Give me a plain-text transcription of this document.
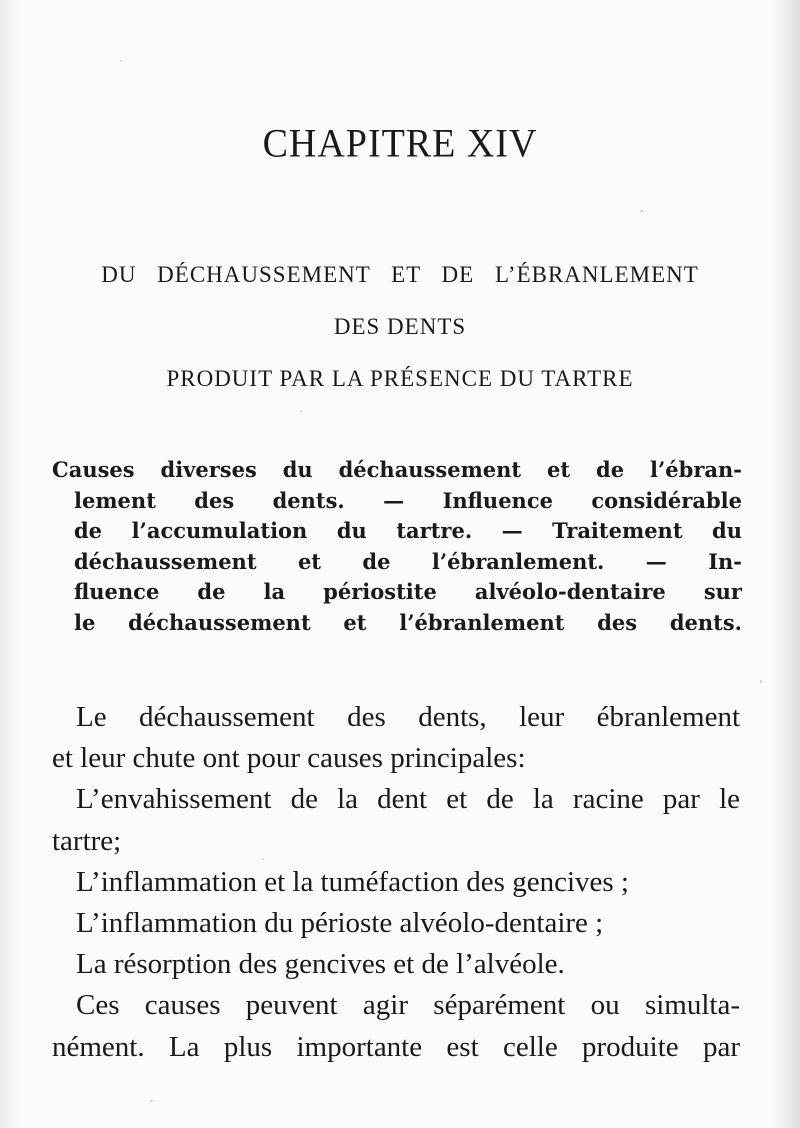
CHAPITRE XIV
DU DÉCHAUSSEMENT ET DE L’ÉBRANLEMENT
DES DENTS
PRODUIT PAR LA PRÉSENCE DU TARTRE
Causes diverses du déchaussement et de l’ébran-
lement des dents. — Influence considérable
de l’accumulation du tartre. — Traitement du
déchaussement et de l’ébranlement. — In-
fluence de la périostite alvéolo-dentaire sur
le déchaussement et l’ébranlement des dents.
Le déchaussement des dents, leur ébranlement
et leur chute ont pour causes principales:
L’envahissement de la dent et de la racine par le
tartre;
L’inflammation et la tuméfaction des gencives ;
L’inflammation du périoste alvéolo-dentaire ;
La résorption des gencives et de l’alvéole.
Ces causes peuvent agir séparément ou simulta-
nément. La plus importante est celle produite par
